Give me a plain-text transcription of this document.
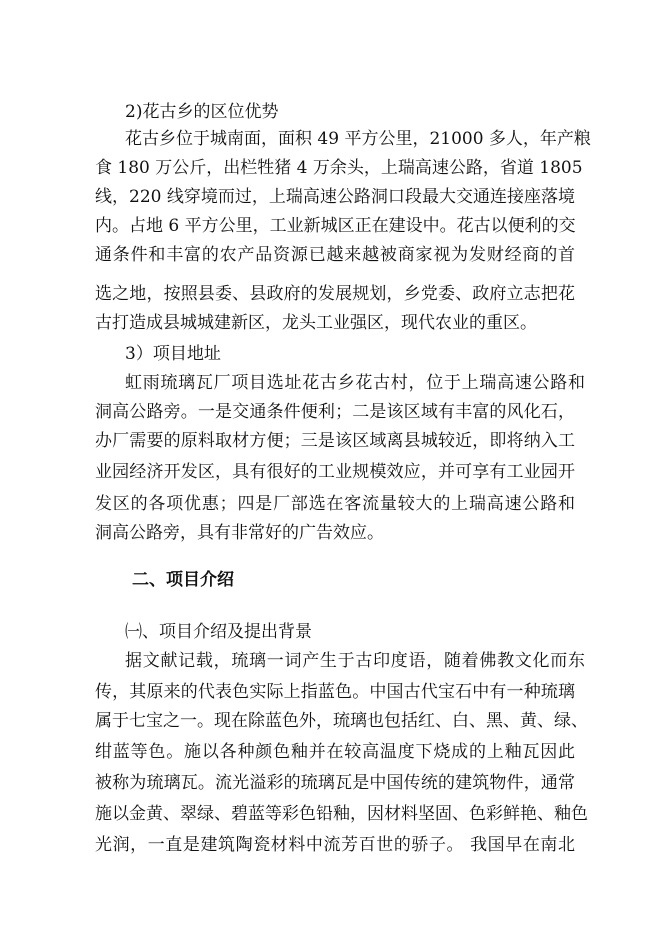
2)花古乡的区位优势
花古乡位于城南面，面积 49 平方公里，21000 多人，年产粮
食 180 万公斤，出栏牲猪 4 万余头，上瑞高速公路，省道 1805
线，220 线穿境而过，上瑞高速公路洞口段最大交通连接座落境
内。占地 6 平方公里，工业新城区正在建设中。花古以便利的交
通条件和丰富的农产品资源已越来越被商家视为发财经商的首
选之地，按照县委、县政府的发展规划，乡党委、政府立志把花
古打造成县城城建新区，龙头工业强区，现代农业的重区。
3）项目地址
虹雨琉璃瓦厂项目选址花古乡花古村，位于上瑞高速公路和
洞高公路旁。一是交通条件便利；二是该区域有丰富的风化石，
办厂需要的原料取材方便；三是该区域离县城较近，即将纳入工
业园经济开发区，具有很好的工业规模效应，并可享有工业园开
发区的各项优惠；四是厂部选在客流量较大的上瑞高速公路和
洞高公路旁，具有非常好的广告效应。
二、项目介绍
㈠、项目介绍及提出背景
据文献记载，琉璃一词产生于古印度语，随着佛教文化而东
传，其原来的代表色实际上指蓝色。中国古代宝石中有一种琉璃
属于七宝之一。现在除蓝色外，琉璃也包括红、白、黑、黄、绿、
绀蓝等色。施以各种颜色釉并在较高温度下烧成的上釉瓦因此
被称为琉璃瓦。流光溢彩的琉璃瓦是中国传统的建筑物件，通常
施以金黄、翠绿、碧蓝等彩色铅釉，因材料坚固、色彩鲜艳、釉色
光润，一直是建筑陶瓷材料中流芳百世的骄子。 我国早在南北
